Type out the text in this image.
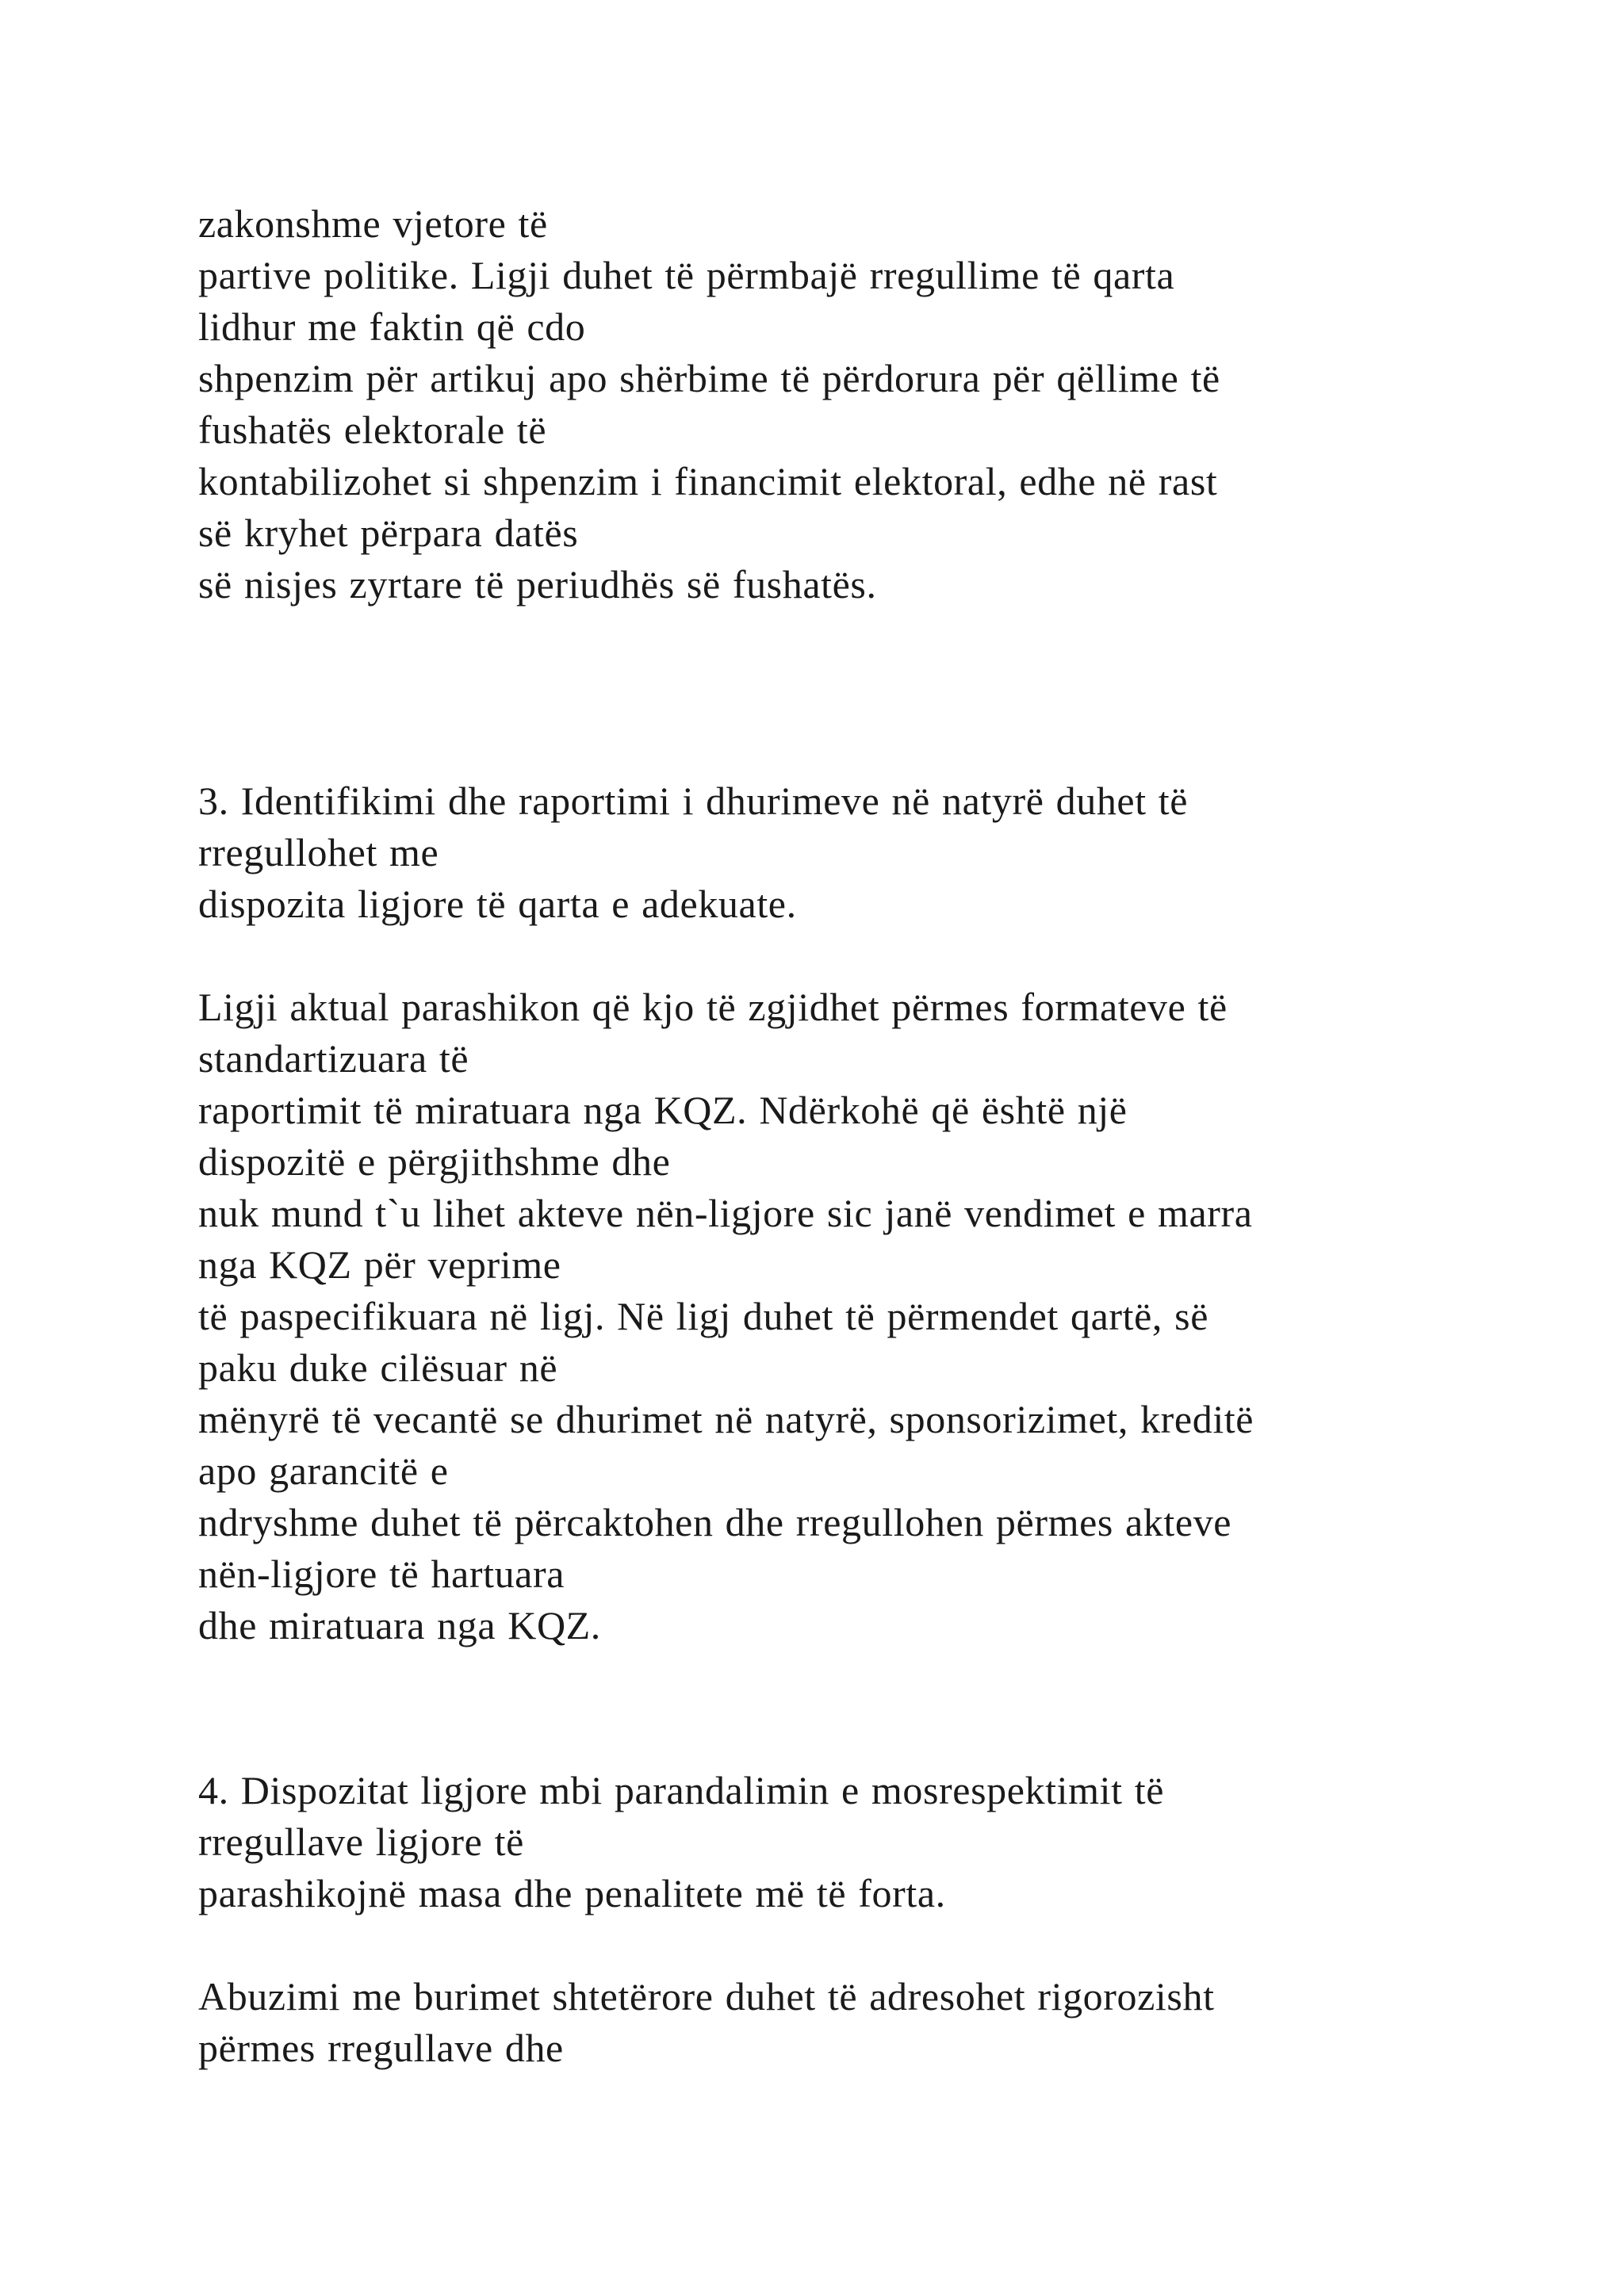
zakonshme vjetore të
partive politike. Ligji duhet të përmbajë rregullime të qarta
lidhur me faktin që cdo
shpenzim për artikuj apo shërbime të përdorura për qëllime të
fushatës elektorale të
kontabilizohet si shpenzim i financimit elektoral, edhe në rast
së kryhet përpara datës
së nisjes zyrtare të periudhës së fushatës.
3. Identifikimi dhe raportimi i dhurimeve në natyrë duhet të
rregullohet me
dispozita ligjore të qarta e adekuate.
Ligji aktual parashikon që kjo të zgjidhet përmes formateve të
standartizuara të
raportimit të miratuara nga KQZ. Ndërkohë që është një
dispozitë e përgjithshme dhe
nuk mund t`u lihet akteve nën-ligjore sic janë vendimet e marra
nga KQZ për veprime
të paspecifikuara në ligj. Në ligj duhet të përmendet qartë, së
paku duke cilësuar në
mënyrë të vecantë se dhurimet në natyrë, sponsorizimet, kreditë
apo garancitë e
ndryshme duhet të përcaktohen dhe rregullohen përmes akteve
nën-ligjore të hartuara
dhe miratuara nga KQZ.
4. Dispozitat ligjore mbi parandalimin e mosrespektimit të
rregullave ligjore të
parashikojnë masa dhe penalitete më të forta.
Abuzimi me burimet shtetërore duhet të adresohet rigorozisht
përmes rregullave dhe
